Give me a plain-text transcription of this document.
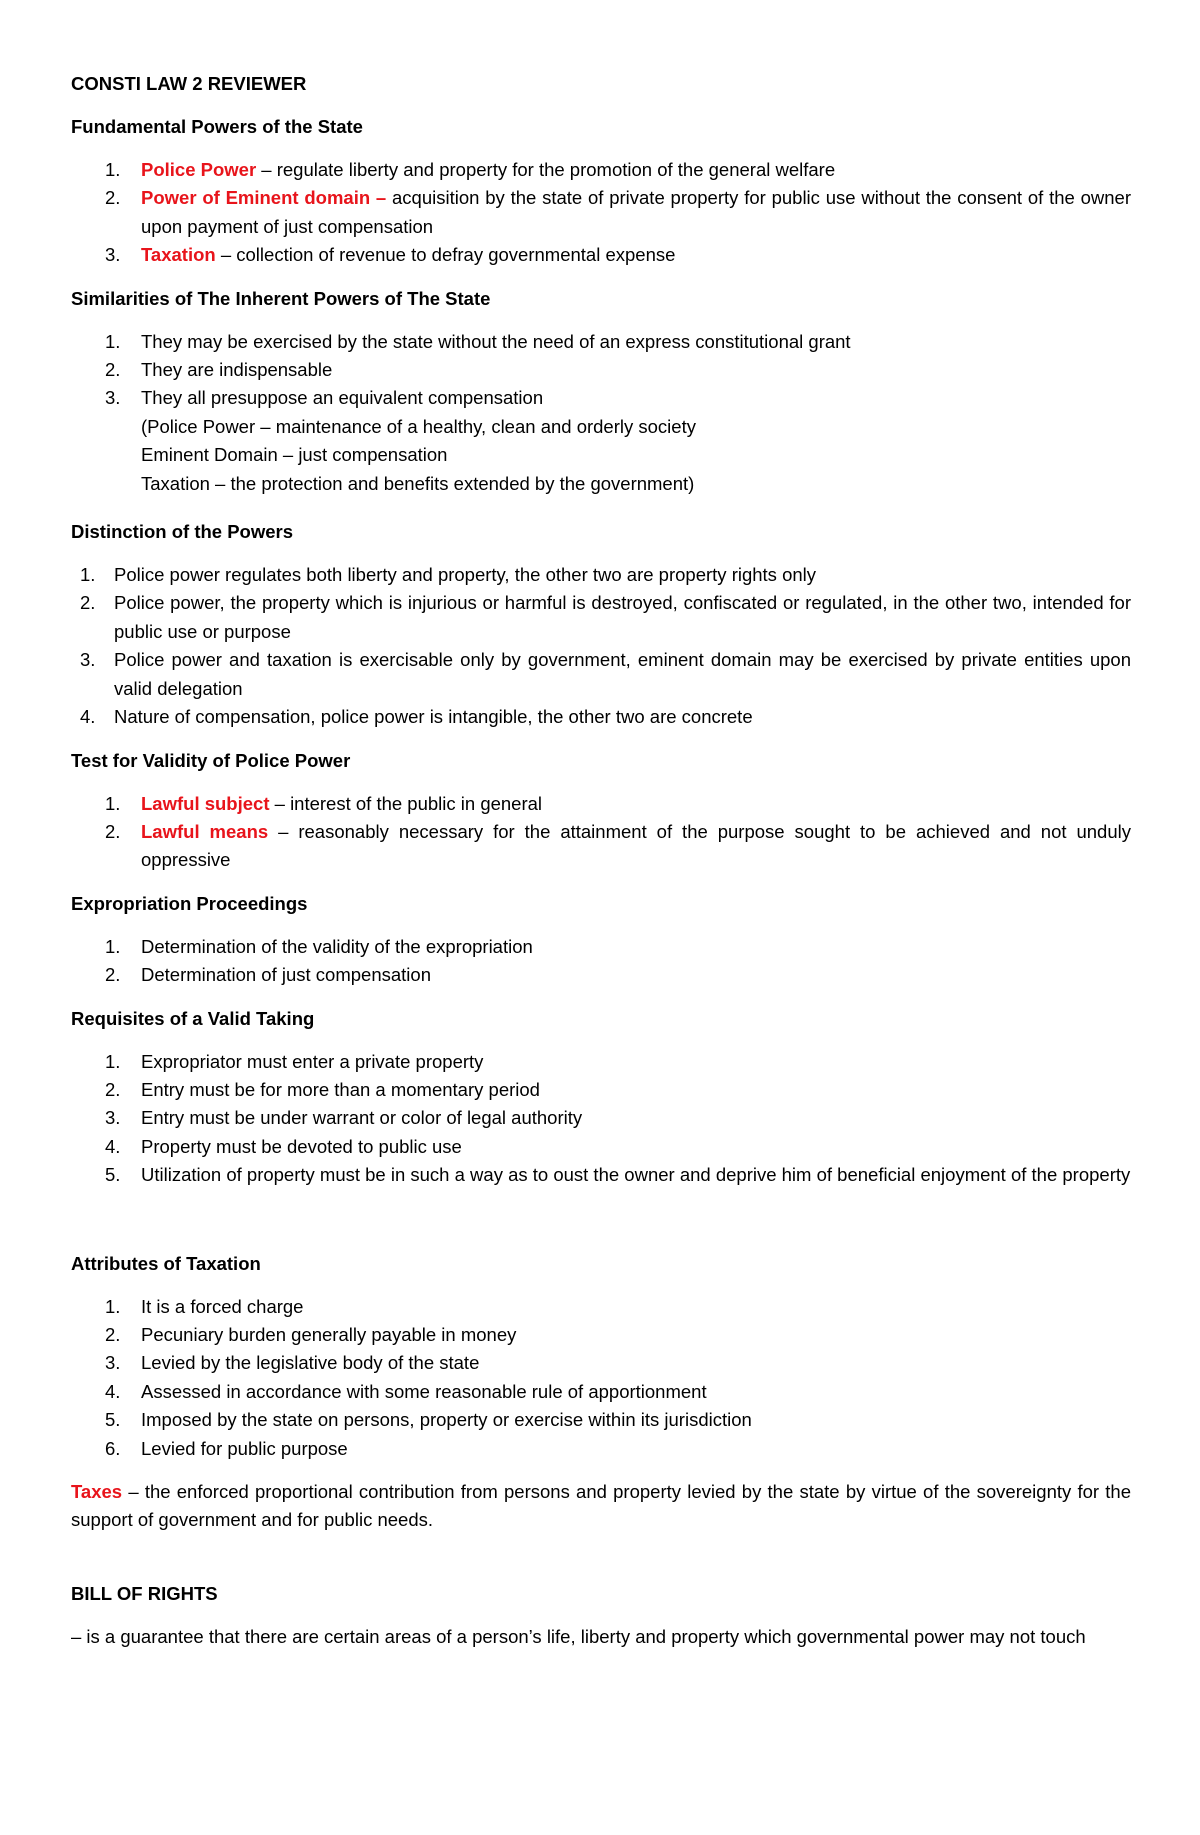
CONSTI LAW 2 REVIEWER
Fundamental Powers of the State
1. Police Power – regulate liberty and property for the promotion of the general welfare
2. Power of Eminent domain – acquisition by the state of private property for public use without the consent of the owner upon payment of just compensation
3. Taxation – collection of revenue to defray governmental expense
Similarities of The Inherent Powers of The State
1. They may be exercised by the state without the need of an express constitutional grant
2. They are indispensable
3. They all presuppose an equivalent compensation
(Police Power – maintenance of a healthy, clean and orderly society
Eminent Domain – just compensation
Taxation – the protection and benefits extended by the government)
Distinction of the Powers
1. Police power regulates both liberty and property, the other two are property rights only
2. Police power, the property which is injurious or harmful is destroyed, confiscated or regulated, in the other two, intended for public use or purpose
3. Police power and taxation is exercisable only by government, eminent domain may be exercised by private entities upon valid delegation
4. Nature of compensation, police power is intangible, the other two are concrete
Test for Validity of Police Power
1. Lawful subject – interest of the public in general
2. Lawful means – reasonably necessary for the attainment of the purpose sought to be achieved and not unduly oppressive
Expropriation Proceedings
1. Determination of the validity of the expropriation
2. Determination of just compensation
Requisites of a Valid Taking
1. Expropriator must enter a private property
2. Entry must be for more than a momentary period
3. Entry must be under warrant or color of legal authority
4. Property must be devoted to public use
5. Utilization of property must be in such a way as to oust the owner and deprive him of beneficial enjoyment of the property
Attributes of Taxation
1. It is a forced charge
2. Pecuniary burden generally payable in money
3. Levied by the legislative body of the state
4. Assessed in accordance with some reasonable rule of apportionment
5. Imposed by the state on persons, property or exercise within its jurisdiction
6. Levied for public purpose

Taxes – the enforced proportional contribution from persons and property levied by the state by virtue of the sovereignty for the support of government and for public needs.

BILL OF RIGHTS

– is a guarantee that there are certain areas of a person’s life, liberty and property which governmental power may not touch
